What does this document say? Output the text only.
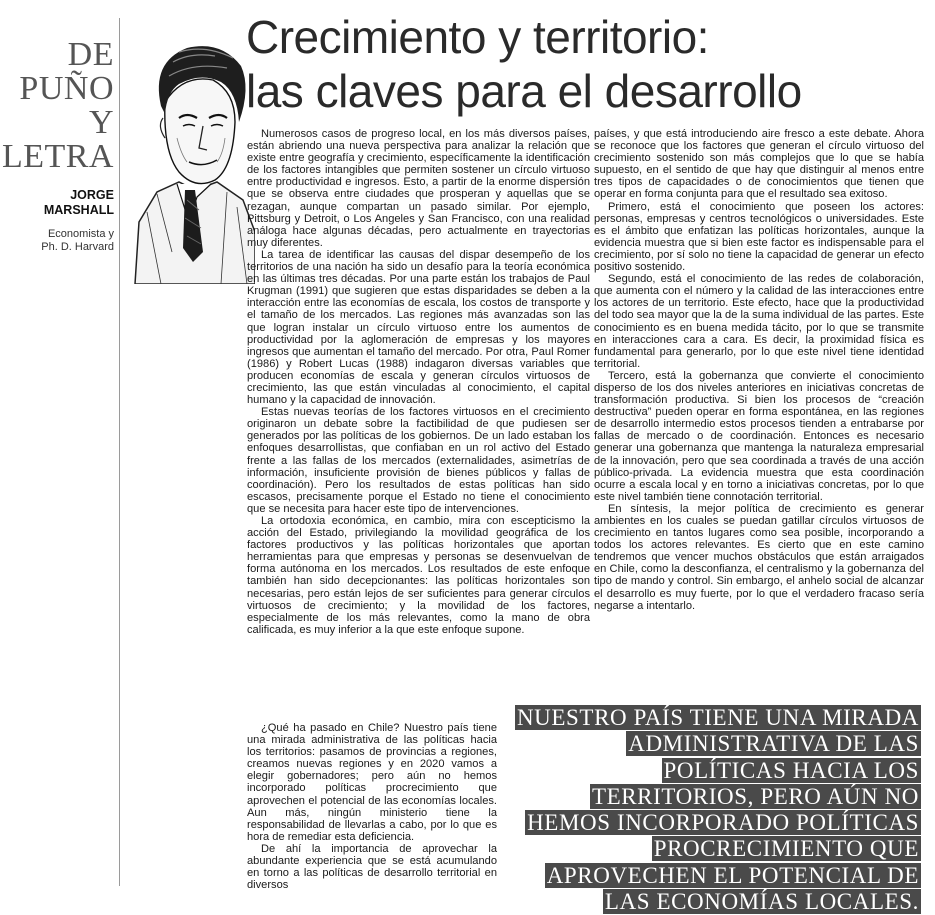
DE
PUÑO
Y
LETRA
JORGE
MARSHALL
Economista y
Ph. D. Harvard
Crecimiento y territorio:
las claves para el desarrollo

Numerosos casos de progreso local, en los más diversos países, están abriendo una nueva perspectiva para analizar la relación que existe entre geografía y crecimiento, específicamente la identificación de los factores intangibles que permiten sostener un círculo virtuoso entre productividad e ingresos. Esto, a partir de la enorme dispersión que se observa entre ciudades que prosperan y aquellas que se rezagan, aunque compartan un pasado similar. Por ejemplo, Pittsburg y Detroit, o Los Angeles y San Francisco, con una realidad análoga hace algunas décadas, pero actualmente en trayectorias muy diferentes.

La tarea de identificar las causas del dispar desempeño de los territorios de una nación ha sido un desafío para la teoría económica en las últimas tres décadas. Por una parte están los trabajos de Paul Krugman (1991) que sugieren que estas disparidades se deben a la interacción entre las economías de escala, los costos de transporte y el tamaño de los mercados. Las regiones más avanzadas son las que logran instalar un círculo virtuoso entre los aumentos de productividad por la aglomeración de empresas y los mayores ingresos que aumentan el tamaño del mercado. Por otra, Paul Romer (1986) y Robert Lucas (1988) indagaron diversas variables que producen economías de escala y generan círculos virtuosos de crecimiento, las que están vinculadas al conocimiento, el capital humano y la capacidad de innovación.

Estas nuevas teorías de los factores virtuosos en el crecimiento originaron un debate sobre la factibilidad de que pudiesen ser generados por las políticas de los gobiernos. De un lado estaban los enfoques desarrollistas, que confiaban en un rol activo del Estado frente a las fallas de los mercados (externalidades, asimetrías de información, insuficiente provisión de bienes públicos y fallas de coordinación). Pero los resultados de estas políticas han sido escasos, precisamente porque el Estado no tiene el conocimiento que se necesita para hacer este tipo de intervenciones.

La ortodoxia económica, en cambio, mira con escepticismo la acción del Estado, privilegiando la movilidad geográfica de los factores productivos y las políticas horizontales que aportan herramientas para que empresas y personas se desenvuelvan de forma autónoma en los mercados. Los resultados de este enfoque también han sido decepcionantes: las políticas horizontales son necesarias, pero están lejos de ser suficientes para generar círculos virtuosos de crecimiento; y la movilidad de los factores, especialmente de los más relevantes, como la mano de obra calificada, es muy inferior a la que este enfoque supone.

¿Qué ha pasado en Chile? Nuestro país tiene una mirada administrativa de las políticas hacia los territorios: pasamos de provincias a regiones, creamos nuevas regiones y en 2020 vamos a elegir gobernadores; pero aún no hemos incorporado políticas procrecimiento que aprovechen el potencial de las economías locales. Aun más, ningún ministerio tiene la responsabilidad de llevarlas a cabo, por lo que es hora de remediar esta deficiencia.

De ahí la importancia de aprovechar la abundante experiencia que se está acumulando en torno a las políticas de desarrollo territorial en diversos

países, y que está introduciendo aire fresco a este debate. Ahora se reconoce que los factores que generan el círculo virtuoso del crecimiento sostenido son más complejos que lo que se había supuesto, en el sentido de que hay que distinguir al menos entre tres tipos de capacidades o de conocimientos que tienen que operar en forma conjunta para que el resultado sea exitoso.

Primero, está el conocimiento que poseen los actores: personas, empresas y centros tecnológicos o universidades. Este es el ámbito que enfatizan las políticas horizontales, aunque la evidencia muestra que si bien este factor es indispensable para el crecimiento, por sí solo no tiene la capacidad de generar un efecto positivo sostenido.

Segundo, está el conocimiento de las redes de colaboración, que aumenta con el número y la calidad de las interacciones entre los actores de un territorio. Este efecto, hace que la productividad del todo sea mayor que la de la suma individual de las partes. Este conocimiento es en buena medida tácito, por lo que se transmite en interacciones cara a cara. Es decir, la proximidad física es fundamental para generarlo, por lo que este nivel tiene identidad territorial.

Tercero, está la gobernanza que convierte el conocimiento disperso de los dos niveles anteriores en iniciativas concretas de transformación productiva. Si bien los procesos de “creación destructiva” pueden operar en forma espontánea, en las regiones de desarrollo intermedio estos procesos tienden a entrabarse por fallas de mercado o de coordinación. Entonces es necesario generar una gobernanza que mantenga la naturaleza empresarial de la innovación, pero que sea coordinada a través de una acción público-privada. La evidencia muestra que esta coordinación ocurre a escala local y en torno a iniciativas concretas, por lo que este nivel también tiene connotación territorial.

En síntesis, la mejor política de crecimiento es generar ambientes en los cuales se puedan gatillar círculos virtuosos de crecimiento en tantos lugares como sea posible, incorporando a todos los actores relevantes. Es cierto que en este camino tendremos que vencer muchos obstáculos que están arraigados en Chile, como la desconfianza, el centralismo y la gobernanza del tipo de mando y control. Sin embargo, el anhelo social de alcanzar el desarrollo es muy fuerte, por lo que el verdadero fracaso sería negarse a intentarlo.

NUESTRO PAÍS TIENE UNA MIRADA ADMINISTRATIVA DE LAS POLÍTICAS HACIA LOS TERRITORIOS, PERO AÚN NO HEMOS INCORPORADO POLÍTICAS PROCRECIMIENTO QUE APROVECHEN EL POTENCIAL DE LAS ECONOMÍAS LOCALES.
